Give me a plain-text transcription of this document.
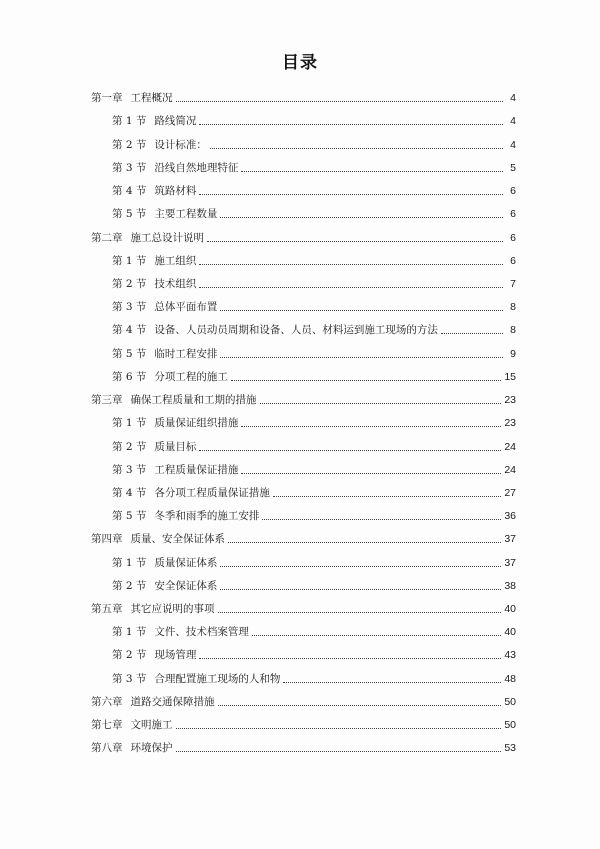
目录
第一章 工程概况	4
第 1 节 路线简况	4
第 2 节 设计标准：	4
第 3 节 沿线自然地理特征	5
第 4 节 筑路材料	6
第 5 节 主要工程数量	6
第二章 施工总设计说明	6
第 1 节 施工组织	6
第 2 节 技术组织	7
第 3 节 总体平面布置	8
第 4 节 设备、人员动员周期和设备、人员、材料运到施工现场的方法	8
第 5 节 临时工程安排	9
第 6 节 分项工程的施工	15
第三章 确保工程质量和工期的措施	23
第 1 节 质量保证组织措施	23
第 2 节 质量目标	24
第 3 节 工程质量保证措施	24
第 4 节 各分项工程质量保证措施	27
第 5 节 冬季和雨季的施工安排	36
第四章 质量、安全保证体系	37
第 1 节 质量保证体系	37
第 2 节 安全保证体系	38
第五章 其它应说明的事项	40
第 1 节 文件、技术档案管理	40
第 2 节 现场管理	43
第 3 节 合理配置施工现场的人和物	48
第六章 道路交通保障措施	50
第七章 文明施工	50
第八章 环境保护	53
